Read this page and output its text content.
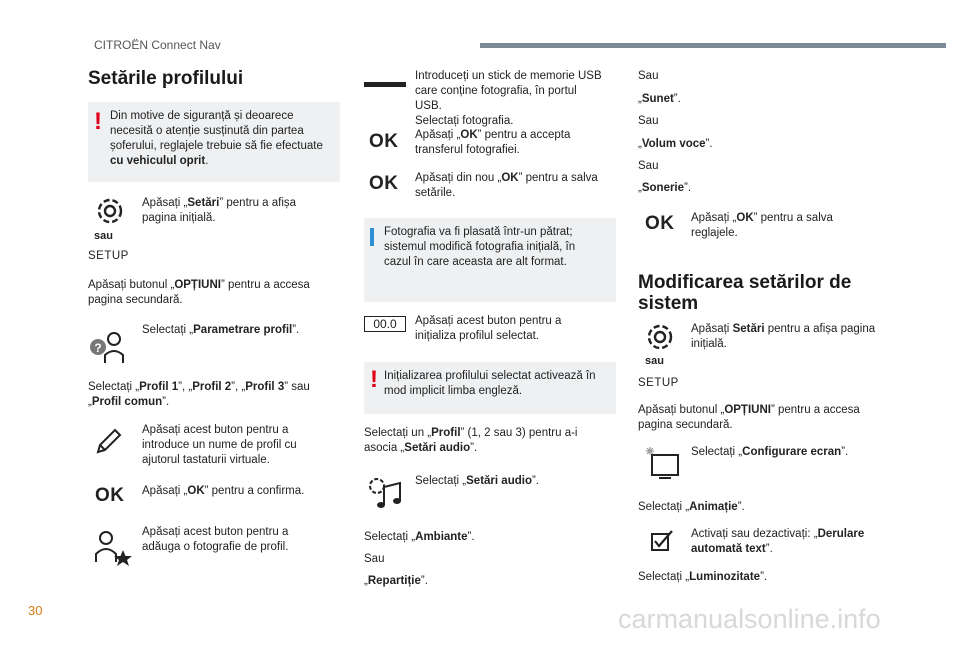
CITROËN Connect Nav
Setările profilului
! Din motive de siguranță și deoarece
necesită o atenție susținută din partea
șoferului, reglajele trebuie să fie efectuate
cu vehiculul oprit.
sau
SETUP
Apăsați „Setări” pentru a afișa
pagina inițială.
Apăsați butonul „OPȚIUNI” pentru a accesa
pagina secundară.
?
Selectați „Parametrare profil”.
Selectați „Profil 1”, „Profil 2”, „Profil 3” sau
„Profil comun”.
Apăsați acest buton pentru a
introduce un nume de profil cu
ajutorul tastaturii virtuale.
OK Apăsați „OK” pentru a confirma.
Apăsați acest buton pentru a
adăuga o fotografie de profil.
Introduceți un stick de memorie USB
care conține fotografia, în portul
USB.
Selectați fotografia.
OK Apăsați „OK” pentru a accepta
transferul fotografiei.
OK Apăsați din nou „OK” pentru a salva
setările.
Fotografia va fi plasată într-un pătrat;
sistemul modifică fotografia inițială, în
cazul în care aceasta are alt format.
00.0	Apăsați acest buton pentru a
inițializa profilul selectat.
! Inițializarea profilului selectat activează în
mod implicit limba engleză.
Selectați un „Profil” (1, 2 sau 3) pentru a-i
asocia „Setări audio”.
Selectați „Setări audio”.
Selectați „Ambiante”.
Sau
„Repartiție”.
Sau
„Sunet”.
Sau
„Volum voce”.
Sau
„Sonerie”.
OK Apăsați „OK” pentru a salva
reglajele.
Modificarea setărilor de
sistem
sau
SETUP
Apăsați Setări pentru a afișa pagina
inițială.
Apăsați butonul „OPȚIUNI” pentru a accesa
pagina secundară.
Selectați „Configurare ecran”.
Selectați „Animație”.
Activați sau dezactivați: „Derulare
automată text”.
Selectați „Luminozitate”.
30	carmanualsonline.info
